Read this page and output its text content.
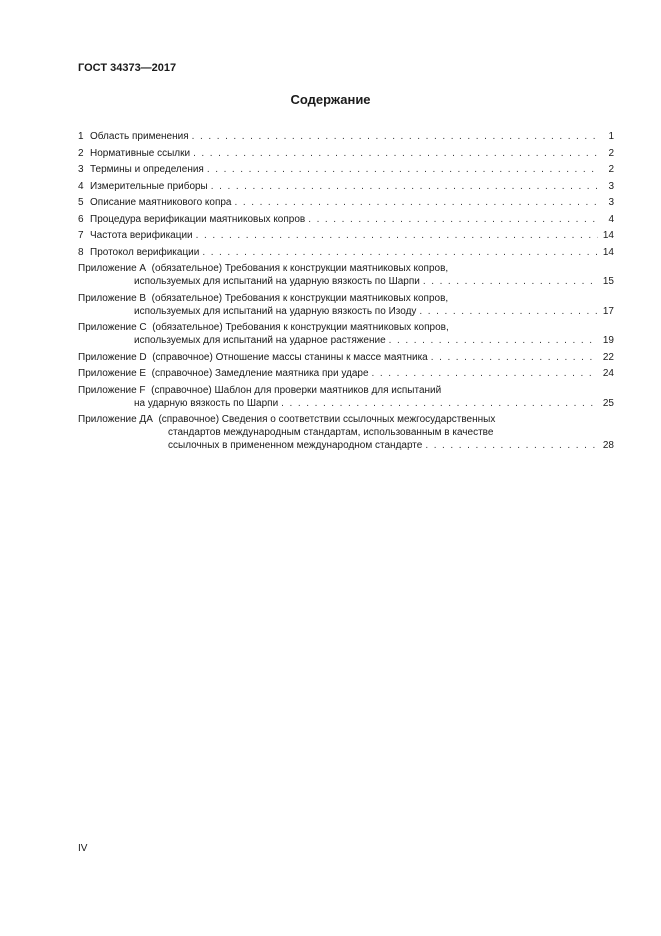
ГОСТ 34373—2017
Содержание
1 Область применения . . .	1
2 Нормативные ссылки . . .	2
3 Термины и определения . . .	2
4 Измерительные приборы . . .	3
5 Описание маятникового копра . . .	3
6 Процедура верификации маятниковых копров . . .	4
7 Частота верификации . . .	14
8 Протокол верификации . . .	14
Приложение А (обязательное) Требования к конструкции маятниковых копров,
используемых для испытаний на ударную вязкость по Шарпи . . .	15
Приложение В (обязательное) Требования к конструкции маятниковых копров,
используемых для испытаний на ударную вязкость по Изоду . . .	17
Приложение С (обязательное) Требования к конструкции маятниковых копров,
используемых для испытаний на ударное растяжение . . .	19
Приложение D (справочное) Отношение массы станины к массе маятника . . .	22
Приложение Е (справочное) Замедление маятника при ударе . . .	24
Приложение F (справочное) Шаблон для проверки маятников для испытаний
на ударную вязкость по Шарпи . . .	25
Приложение ДА (справочное) Сведения о соответствии ссылочных межгосударственных
стандартов международным стандартам, использованным в качестве
ссылочных в примененном международном стандарте . . .	28
IV
